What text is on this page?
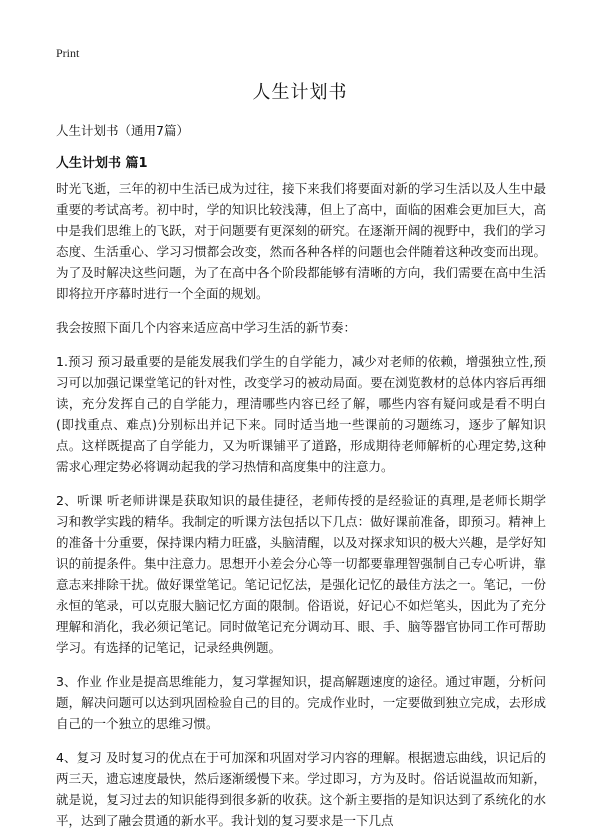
Print
人生计划书

人生计划书（通用7篇）

人生计划书 篇1

时光飞逝，三年的初中生活已成为过往，接下来我们将要面对新的学习生活以及人生中最重要的考试高考。初中时，学的知识比较浅薄，但上了高中，面临的困难会更加巨大，高中是我们思维上的飞跃，对于问题要有更深刻的研究。在逐渐开阔的视野中，我们的学习态度、生活重心、学习习惯都会改变，然而各种各样的问题也会伴随着这种改变而出现。为了及时解决这些问题，为了在高中各个阶段都能够有清晰的方向，我们需要在高中生活即将拉开序幕时进行一个全面的规划。

我会按照下面几个内容来适应高中学习生活的新节奏：

1.预习 预习最重要的是能发展我们学生的自学能力，减少对老师的依赖，增强独立性,预习可以加强记课堂笔记的针对性，改变学习的被动局面。要在浏览教材的总体内容后再细读，充分发挥自己的自学能力，理清哪些内容已经了解，哪些内容有疑问或是看不明白(即找重点、难点)分别标出并记下来。同时适当地一些课前的习题练习，逐步了解知识点。这样既提高了自学能力，又为听课铺平了道路，形成期待老师解析的心理定势,这种需求心理定势必将调动起我的学习热情和高度集中的注意力。

2、听课 听老师讲课是获取知识的最佳捷径，老师传授的是经验证的真理,是老师长期学习和教学实践的精华。我制定的听课方法包括以下几点：做好课前准备，即预习。精神上的准备十分重要，保持课内精力旺盛，头脑清醒，以及对探求知识的极大兴趣，是学好知识的前提条件。集中注意力。思想开小差会分心等一切都要靠理智强制自己专心听讲，靠意志来排除干扰。做好课堂笔记。笔记记忆法，是强化记忆的最佳方法之一。笔记，一份永恒的笔录，可以克服大脑记忆方面的限制。俗语说，好记心不如烂笔头，因此为了充分理解和消化，我必须记笔记。同时做笔记充分调动耳、眼、手、脑等器官协同工作可帮助学习。有选择的记笔记，记录经典例题。

3、作业 作业是提高思维能力，复习掌握知识，提高解题速度的途径。通过审题，分析问题，解决问题可以达到巩固检验自己的目的。完成作业时，一定要做到独立完成，去形成自己的一个独立的思维习惯。

4、复习 及时复习的优点在于可加深和巩固对学习内容的理解。根据遗忘曲线，识记后的两三天，遗忘速度最快，然后逐渐缓慢下来。学过即习，方为及时。俗话说温故而知新，就是说，复习过去的知识能得到很多新的收获。这个新主要指的是知识达到了系统化的水平，达到了融会贯通的新水平。我计划的复习要求是一下几点
